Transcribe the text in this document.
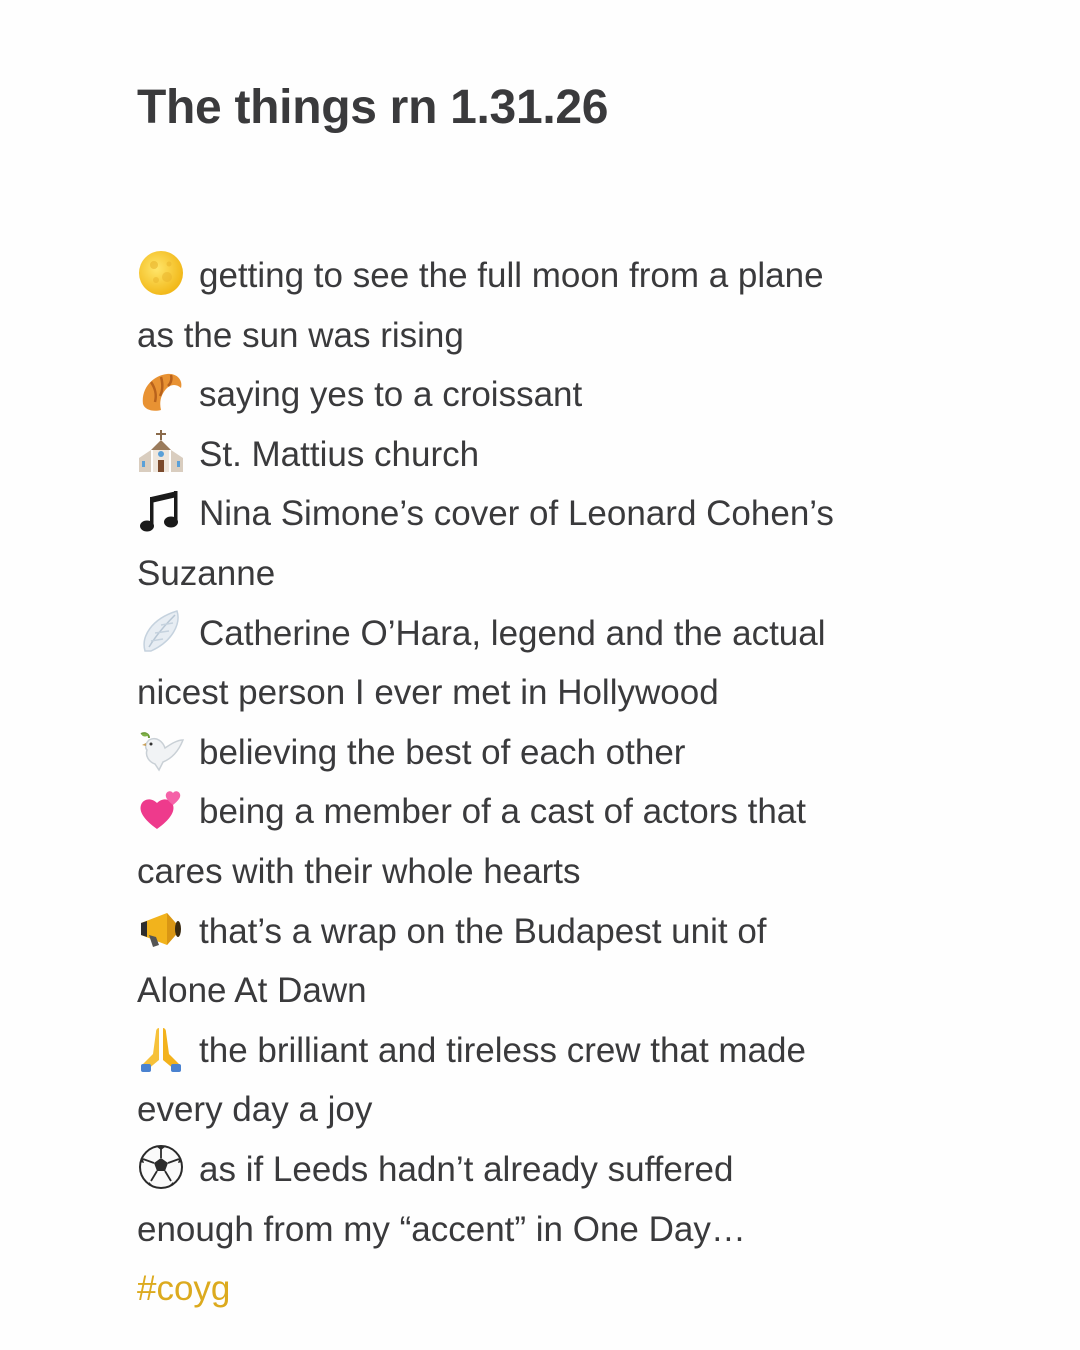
The things rn 1.31.26
getting to see the full moon from a plane
as the sun was rising
saying yes to a croissant
St. Mattius church
Nina Simone’s cover of Leonard Cohen’s
Suzanne
Catherine O’Hara, legend and the actual
nicest person I ever met in Hollywood
believing the best of each other
being a member of a cast of actors that
cares with their whole hearts
that’s a wrap on the Budapest unit of
Alone At Dawn
the brilliant and tireless crew that made
every day a joy
as if Leeds hadn’t already suffered
enough from my “accent” in One Day…
#coyg
